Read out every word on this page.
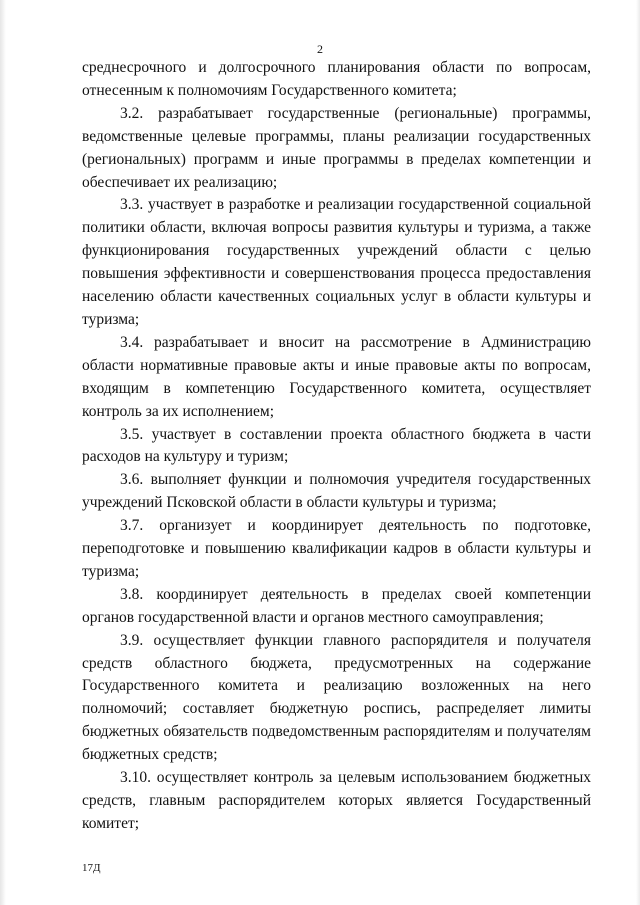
2

среднесрочного и долгосрочного планирования области по вопросам, отнесенным к полномочиям Государственного комитета;

3.2. разрабатывает государственные (региональные) программы, ведомственные целевые программы, планы реализации государственных (региональных) программ и иные программы в пределах компетенции и обеспечивает их реализацию;

3.3. участвует в разработке и реализации государственной социальной политики области, включая вопросы развития культуры и туризма, а также функционирования государственных учреждений области с целью повышения эффективности и совершенствования процесса предоставления населению области качественных социальных услуг в области культуры и туризма;

3.4. разрабатывает и вносит на рассмотрение в Администрацию области нормативные правовые акты и иные правовые акты по вопросам, входящим в компетенцию Государственного комитета, осуществляет контроль за их исполнением;

3.5. участвует в составлении проекта областного бюджета в части расходов на культуру и туризм;

3.6. выполняет функции и полномочия учредителя государственных учреждений Псковской области в области культуры и туризма;

3.7. организует и координирует деятельность по подготовке, переподготовке и повышению квалификации кадров в области культуры и туризма;

3.8. координирует деятельность в пределах своей компетенции органов государственной власти и органов местного самоуправления;

3.9. осуществляет функции главного распорядителя и получателя средств областного бюджета, предусмотренных на содержание Государственного комитета и реализацию возложенных на него полномочий; составляет бюджетную роспись, распределяет лимиты бюджетных обязательств подведомственным распорядителям и получателям бюджетных средств;

3.10. осуществляет контроль за целевым использованием бюджетных средств, главным распорядителем которых является Государственный комитет;

17Д
